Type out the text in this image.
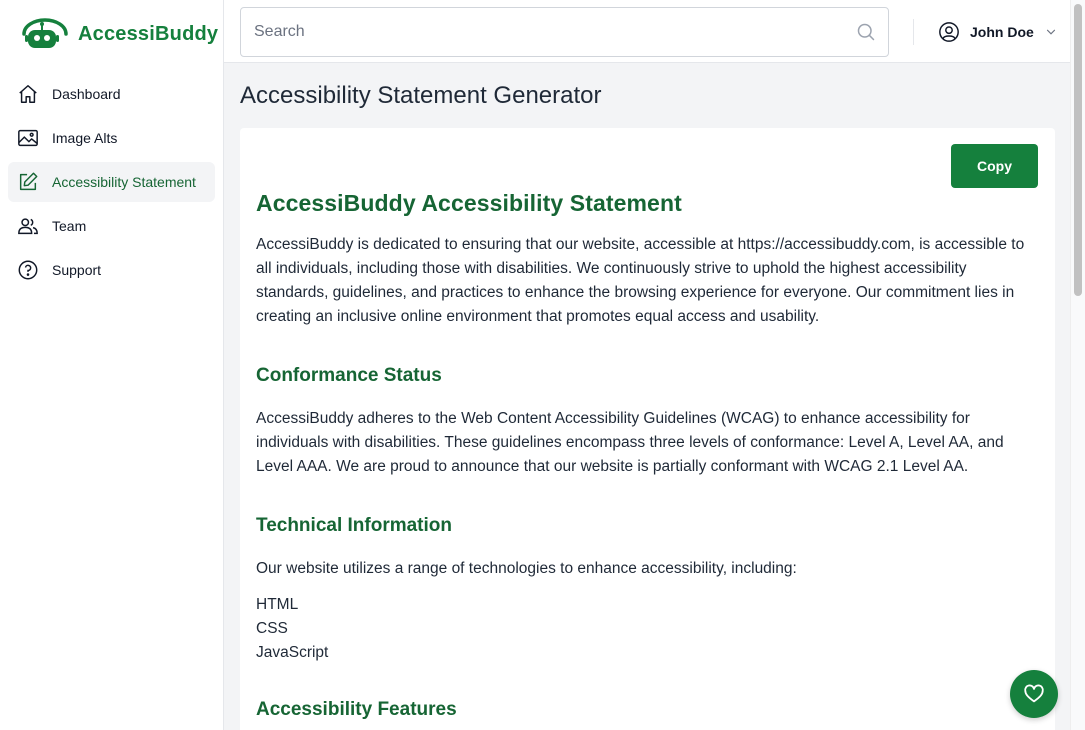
AccessiBuddy
Dashboard
Image Alts
Accessibility Statement
Team
Support
Search
John Doe
Accessibility Statement Generator
Copy
AccessiBuddy Accessibility Statement

AccessiBuddy is dedicated to ensuring that our website, accessible at https://accessibuddy.com, is accessible to all individuals, including those with disabilities. We continuously strive to uphold the highest accessibility standards, guidelines, and practices to enhance the browsing experience for everyone. Our commitment lies in creating an inclusive online environment that promotes equal access and usability.

Conformance Status

AccessiBuddy adheres to the Web Content Accessibility Guidelines (WCAG) to enhance accessibility for individuals with disabilities. These guidelines encompass three levels of conformance: Level A, Level AA, and Level AAA. We are proud to announce that our website is partially conformant with WCAG 2.1 Level AA.

Technical Information

Our website utilizes a range of technologies to enhance accessibility, including:

HTML
CSS
JavaScript
Accessibility Features
